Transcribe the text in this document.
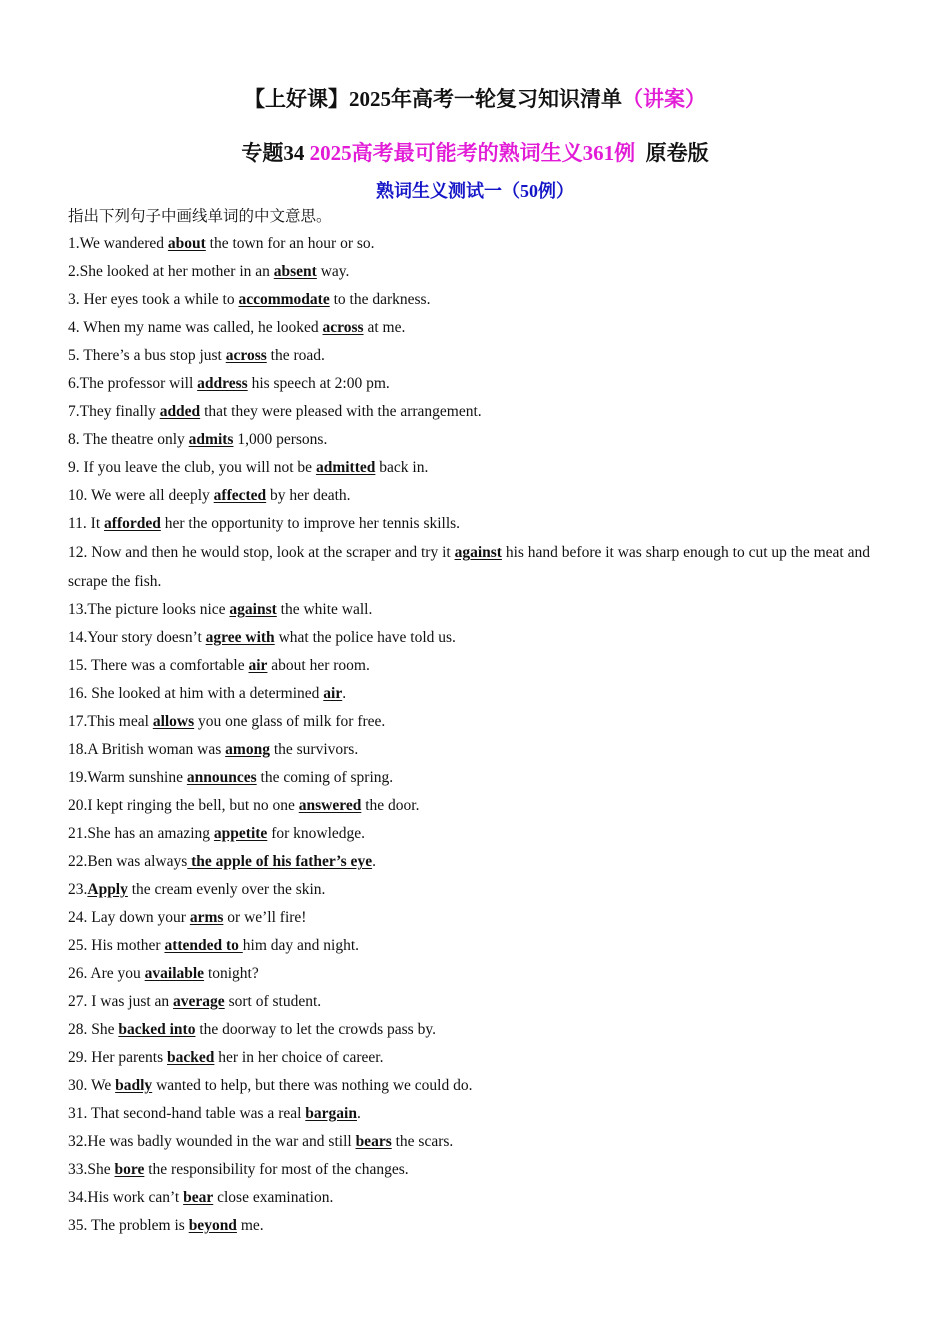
【上好课】2025年高考一轮复习知识清单（讲案）
专题34 2025高考最可能考的熟词生义361例  原卷版
熟词生义测试一（50例）
指出下列句子中画线单词的中文意思。
1.We wandered about the town for an hour or so.
2.She looked at her mother in an absent way.
3. Her eyes took a while to accommodate to the darkness.
4. When my name was called, he looked across at me.
5. There’s a bus stop just across the road.
6.The professor will address his speech at 2:00 pm.
7.They finally added that they were pleased with the arrangement.
8. The theatre only admits 1,000 persons.
9. If you leave the club, you will not be admitted back in.
10. We were all deeply affected by her death.
11. It afforded her the opportunity to improve her tennis skills.
12. Now and then he would stop, look at the scraper and try it against his hand before it was sharp enough to cut up the meat and scrape the fish.
13.The picture looks nice against the white wall.
14.Your story doesn’t agree with what the police have told us.
15. There was a comfortable air about her room.
16. She looked at him with a determined air.
17.This meal allows you one glass of milk for free.
18.A British woman was among the survivors.
19.Warm sunshine announces the coming of spring.
20.I kept ringing the bell, but no one answered the door.
21.She has an amazing appetite for knowledge.
22.Ben was always the apple of his father’s eye.
23.Apply the cream evenly over the skin.
24. Lay down your arms or we’ll fire!
25. His mother attended to him day and night.
26. Are you available tonight?
27. I was just an average sort of student.
28. She backed into the doorway to let the crowds pass by.
29. Her parents backed her in her choice of career.
30. We badly wanted to help, but there was nothing we could do.
31. That second-hand table was a real bargain.
32.He was badly wounded in the war and still bears the scars.
33.She bore the responsibility for most of the changes.
34.His work can’t bear close examination.
35. The problem is beyond me.
